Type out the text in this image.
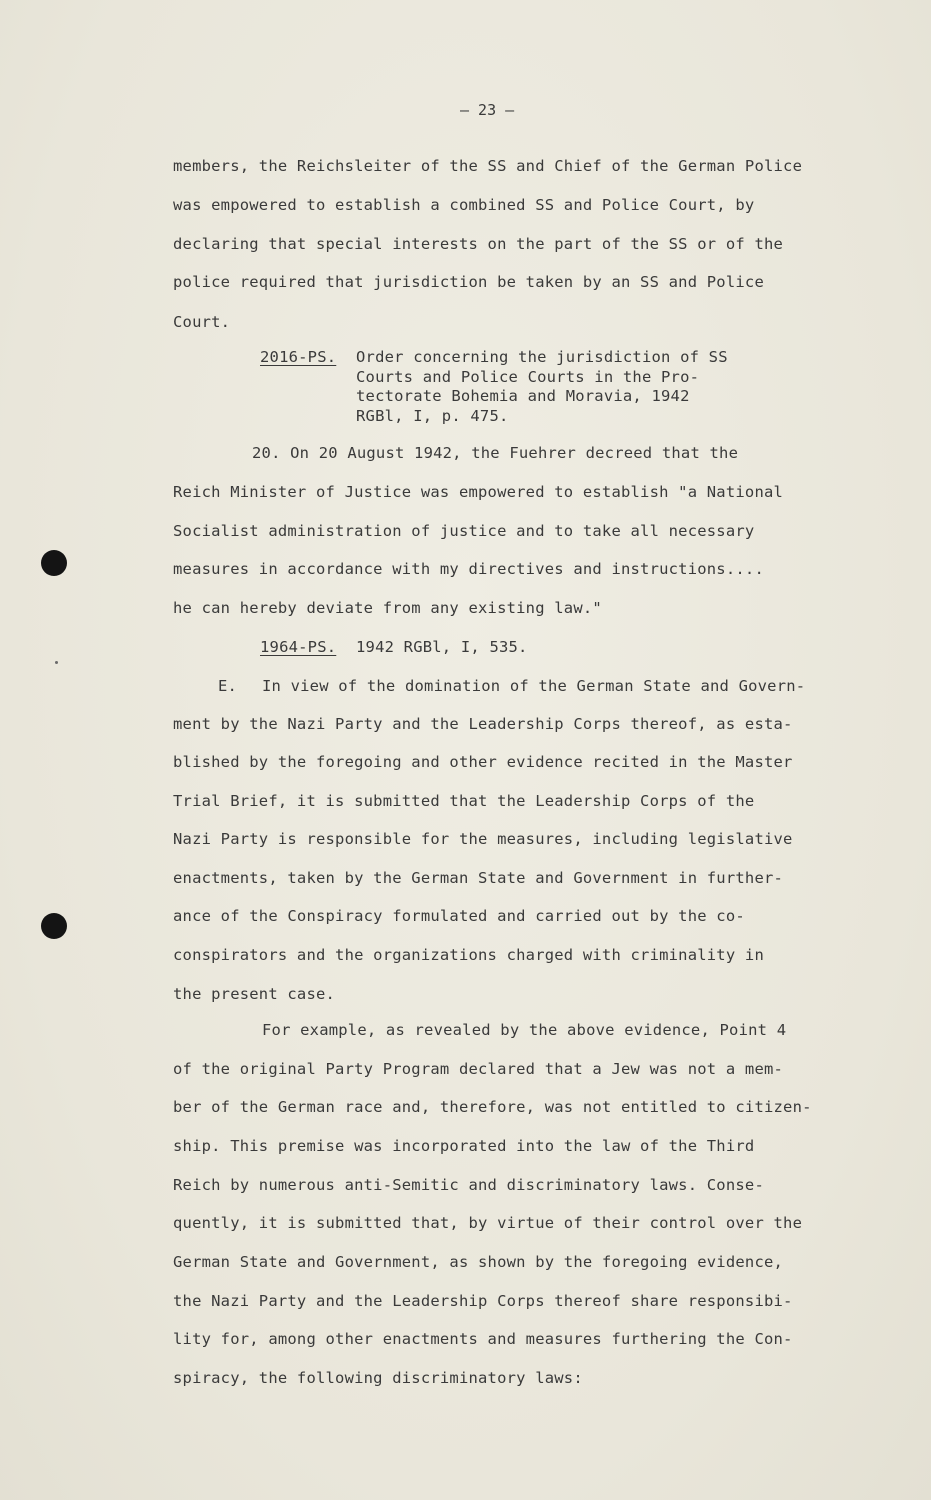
– 23 –
members, the Reichsleiter of the SS and Chief of the German Police
was empowered to establish a combined SS and Police Court, by
declaring that special interests on the part of the SS or of the
police required that jurisdiction be taken by an SS and Police
Court.
2016-PS. Order concerning the jurisdiction of SS
Courts and Police Courts in the Pro-
tectorate Bohemia and Moravia, 1942
RGBl, I, p. 475.
20. On 20 August 1942, the Fuehrer decreed that the
Reich Minister of Justice was empowered to establish "a National
Socialist administration of justice and to take all necessary
measures in accordance with my directives and instructions....
he can hereby deviate from any existing law."
1964-PS. 1942 RGBl, I, 535.
E. In view of the domination of the German State and Govern-
ment by the Nazi Party and the Leadership Corps thereof, as esta-
blished by the foregoing and other evidence recited in the Master
Trial Brief, it is submitted that the Leadership Corps of the
Nazi Party is responsible for the measures, including legislative
enactments, taken by the German State and Government in further-
ance of the Conspiracy formulated and carried out by the co-
conspirators and the organizations charged with criminality in
the present case.
For example, as revealed by the above evidence, Point 4
of the original Party Program declared that a Jew was not a mem-
ber of the German race and, therefore, was not entitled to citizen-
ship. This premise was incorporated into the law of the Third
Reich by numerous anti-Semitic and discriminatory laws. Conse-
quently, it is submitted that, by virtue of their control over the
German State and Government, as shown by the foregoing evidence,
the Nazi Party and the Leadership Corps thereof share responsibi-
lity for, among other enactments and measures furthering the Con-
spiracy, the following discriminatory laws:
